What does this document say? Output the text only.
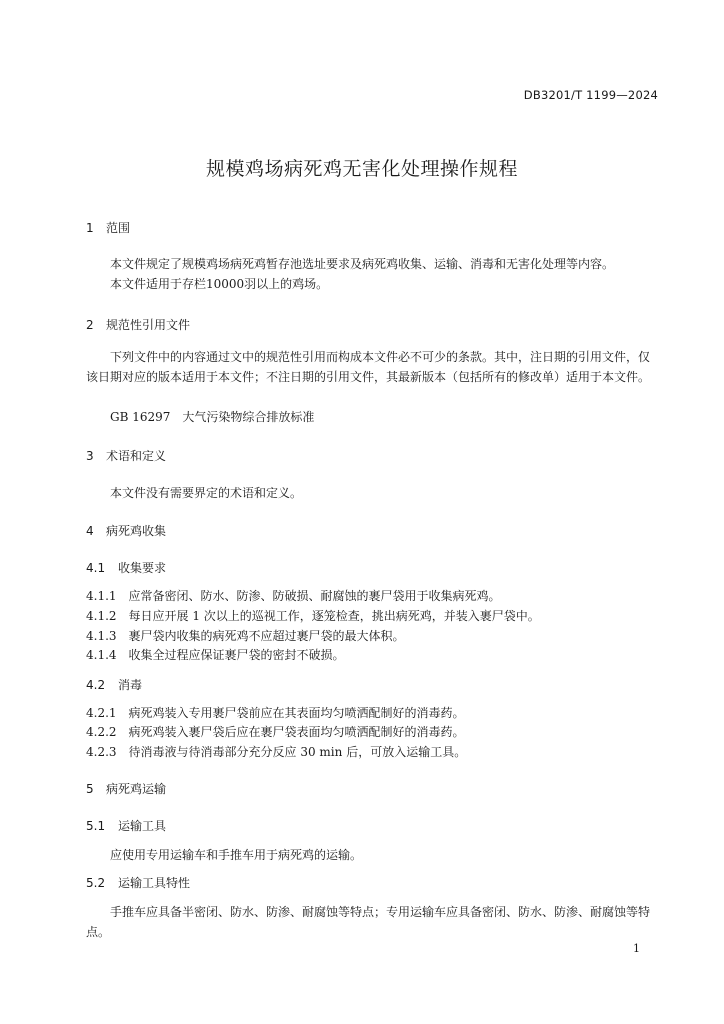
DB3201/T 1199—2024
规模鸡场病死鸡无害化处理操作规程
1 范围
本文件规定了规模鸡场病死鸡暂存池选址要求及病死鸡收集、运输、消毒和无害化处理等内容。
本文件适用于存栏10000羽以上的鸡场。
2 规范性引用文件
下列文件中的内容通过文中的规范性引用而构成本文件必不可少的条款。其中，注日期的引用文件，仅该日期对应的版本适用于本文件；不注日期的引用文件，其最新版本（包括所有的修改单）适用于本文件。
GB 16297　大气污染物综合排放标准
3 术语和定义
本文件没有需要界定的术语和定义。
4 病死鸡收集
4.1 收集要求
4.1.1　应常备密闭、防水、防渗、防破损、耐腐蚀的裹尸袋用于收集病死鸡。
4.1.2　每日应开展 1 次以上的巡视工作，逐笼检查，挑出病死鸡，并装入裹尸袋中。
4.1.3　裹尸袋内收集的病死鸡不应超过裹尸袋的最大体积。
4.1.4　收集全过程应保证裹尸袋的密封不破损。
4.2 消毒
4.2.1　病死鸡装入专用裹尸袋前应在其表面均匀喷洒配制好的消毒药。
4.2.2　病死鸡装入裹尸袋后应在裹尸袋表面均匀喷洒配制好的消毒药。
4.2.3　待消毒液与待消毒部分充分反应 30 min 后，可放入运输工具。
5 病死鸡运输
5.1 运输工具
应使用专用运输车和手推车用于病死鸡的运输。
5.2 运输工具特性
手推车应具备半密闭、防水、防渗、耐腐蚀等特点；专用运输车应具备密闭、防水、防渗、耐腐蚀等特点。
1
